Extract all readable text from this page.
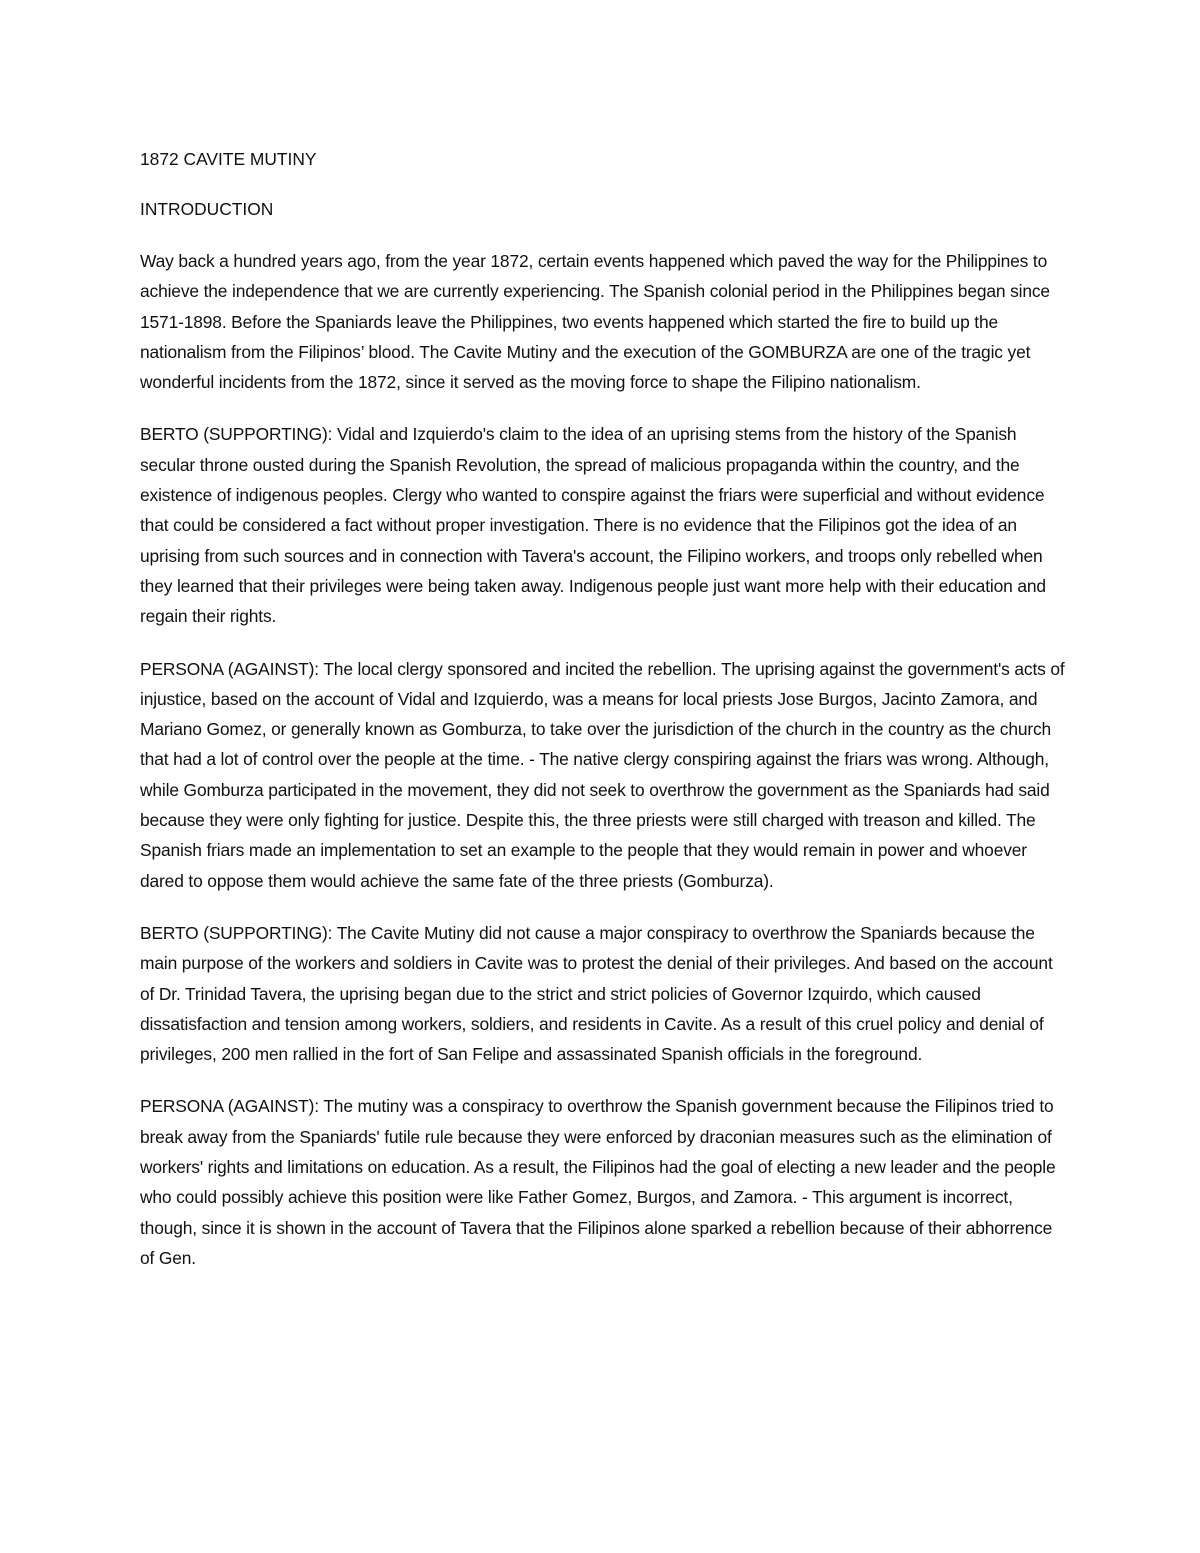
1872 CAVITE MUTINY

INTRODUCTION

Way back a hundred years ago, from the year 1872, certain events happened which paved the way for the Philippines to achieve the independence that we are currently experiencing. The Spanish colonial period in the Philippines began since 1571-1898. Before the Spaniards leave the Philippines, two events happened which started the fire to build up the nationalism from the Filipinos’ blood. The Cavite Mutiny and the execution of the GOMBURZA are one of the tragic yet wonderful incidents from the 1872, since it served as the moving force to shape the Filipino nationalism.

BERTO (SUPPORTING): Vidal and Izquierdo's claim to the idea of an uprising stems from the history of the Spanish secular throne ousted during the Spanish Revolution, the spread of malicious propaganda within the country, and the existence of indigenous peoples. Clergy who wanted to conspire against the friars were superficial and without evidence that could be considered a fact without proper investigation. There is no evidence that the Filipinos got the idea of an uprising from such sources and in connection with Tavera's account, the Filipino workers, and troops only rebelled when they learned that their privileges were being taken away. Indigenous people just want more help with their education and regain their rights.

PERSONA (AGAINST): The local clergy sponsored and incited the rebellion. The uprising against the government's acts of injustice, based on the account of Vidal and Izquierdo, was a means for local priests Jose Burgos, Jacinto Zamora, and Mariano Gomez, or generally known as Gomburza, to take over the jurisdiction of the church in the country as the church that had a lot of control over the people at the time. - The native clergy conspiring against the friars was wrong. Although, while Gomburza participated in the movement, they did not seek to overthrow the government as the Spaniards had said because they were only fighting for justice. Despite this, the three priests were still charged with treason and killed. The Spanish friars made an implementation to set an example to the people that they would remain in power and whoever dared to oppose them would achieve the same fate of the three priests (Gomburza).

BERTO (SUPPORTING): The Cavite Mutiny did not cause a major conspiracy to overthrow the Spaniards because the main purpose of the workers and soldiers in Cavite was to protest the denial of their privileges. And based on the account of Dr. Trinidad Tavera, the uprising began due to the strict and strict policies of Governor Izquirdo, which caused dissatisfaction and tension among workers, soldiers, and residents in Cavite. As a result of this cruel policy and denial of privileges, 200 men rallied in the fort of San Felipe and assassinated Spanish officials in the foreground.

PERSONA (AGAINST): The mutiny was a conspiracy to overthrow the Spanish government because the Filipinos tried to break away from the Spaniards' futile rule because they were enforced by draconian measures such as the elimination of workers' rights and limitations on education. As a result, the Filipinos had the goal of electing a new leader and the people who could possibly achieve this position were like Father Gomez, Burgos, and Zamora. - This argument is incorrect, though, since it is shown in the account of Tavera that the Filipinos alone sparked a rebellion because of their abhorrence of Gen.
